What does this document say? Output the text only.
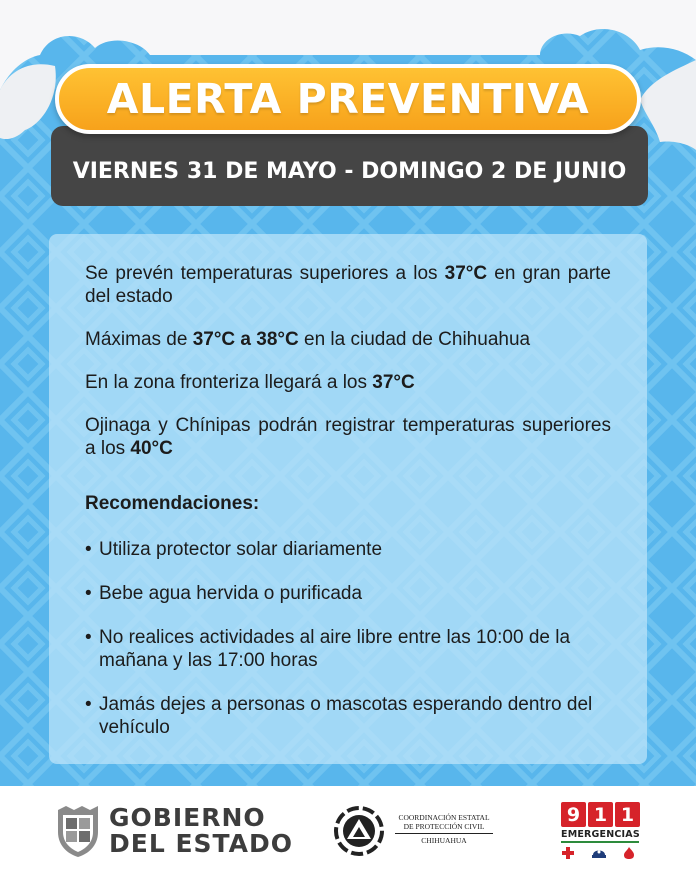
ALERTA PREVENTIVA
VIERNES 31 DE MAYO - DOMINGO 2 DE JUNIO

Se prevén temperaturas superiores a los 37°C en gran parte del estado

Máximas de 37°C a 38°C en la ciudad de Chihuahua

En la zona fronteriza llegará a los 37°C

Ojinaga y Chínipas podrán registrar temperaturas superiores a los 40°C

Recomendaciones:

• Utiliza protector solar diariamente
• Bebe agua hervida o purificada
• No realices actividades al aire libre entre las 10:00 de la mañana y las 17:00 horas
• Jamás dejes a personas o mascotas esperando dentro del vehículo
GOBIERNO
DEL ESTADO
COORDINACIÓN ESTATAL
DE PROTECCIÓN CIVIL
CHIHUAHUA
9 1 1
EMERGENCIAS
